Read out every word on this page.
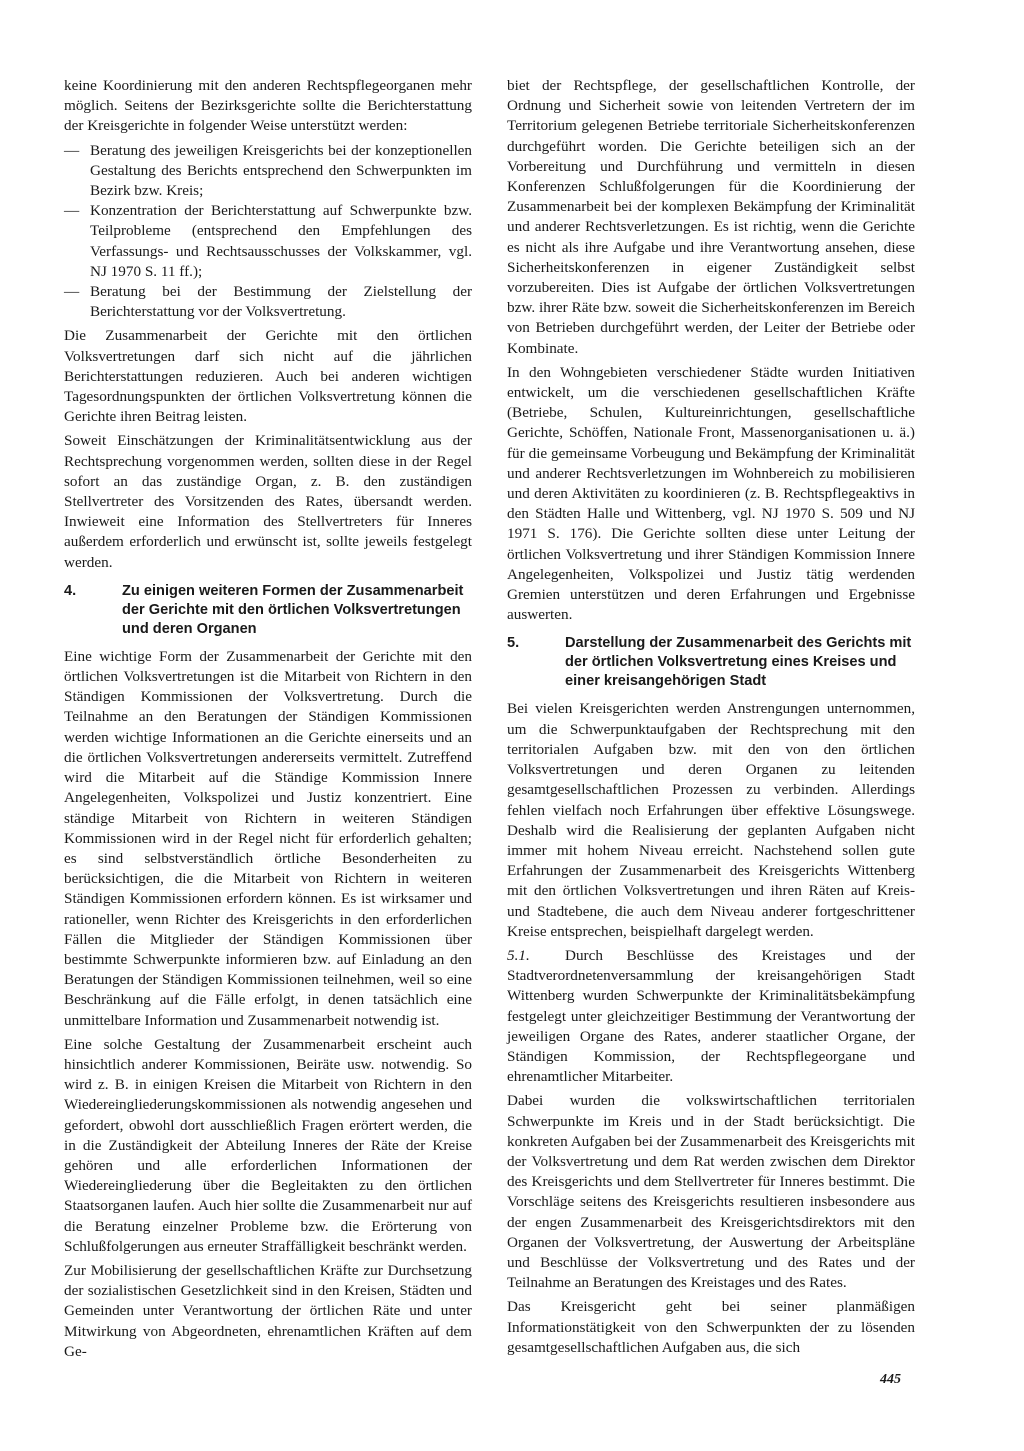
keine Koordinierung mit den anderen Rechtspflegeorganen mehr möglich. Seitens der Bezirksgerichte sollte die Berichterstattung der Kreisgerichte in folgender Weise unterstützt werden:

— Beratung des jeweiligen Kreisgerichts bei der konzeptionellen Gestaltung des Berichts entsprechend den Schwerpunkten im Bezirk bzw. Kreis;
— Konzentration der Berichterstattung auf Schwerpunkte bzw. Teilprobleme (entsprechend den Empfehlungen des Verfassungs- und Rechtsausschusses der Volkskammer, vgl. NJ 1970 S. 11 ff.);
— Beratung bei der Bestimmung der Zielstellung der Berichterstattung vor der Volksvertretung.

Die Zusammenarbeit der Gerichte mit den örtlichen Volksvertretungen darf sich nicht auf die jährlichen Berichterstattungen reduzieren. Auch bei anderen wichtigen Tagesordnungspunkten der örtlichen Volksvertretung können die Gerichte ihren Beitrag leisten.

Soweit Einschätzungen der Kriminalitätsentwicklung aus der Rechtsprechung vorgenommen werden, sollten diese in der Regel sofort an das zuständige Organ, z. B. den zuständigen Stellvertreter des Vorsitzenden des Rates, übersandt werden. Inwieweit eine Information des Stellvertreters für Inneres außerdem erforderlich und erwünscht ist, sollte jeweils festgelegt werden.

4.	Zu einigen weiteren Formen der Zusammenarbeit der Gerichte mit den örtlichen Volksvertretungen und deren Organen

Eine wichtige Form der Zusammenarbeit der Gerichte mit den örtlichen Volksvertretungen ist die Mitarbeit von Richtern in den Ständigen Kommissionen der Volksvertretung. Durch die Teilnahme an den Beratungen der Ständigen Kommissionen werden wichtige Informationen an die Gerichte einerseits und an die örtlichen Volksvertretungen andererseits vermittelt. Zutreffend wird die Mitarbeit auf die Ständige Kommission Innere Angelegenheiten, Volkspolizei und Justiz konzentriert. Eine ständige Mitarbeit von Richtern in weiteren Ständigen Kommissionen wird in der Regel nicht für erforderlich gehalten; es sind selbstverständlich örtliche Besonderheiten zu berücksichtigen, die die Mitarbeit von Richtern in weiteren Ständigen Kommissionen erfordern können. Es ist wirksamer und rationeller, wenn Richter des Kreisgerichts in den erforderlichen Fällen die Mitglieder der Ständigen Kommissionen über bestimmte Schwerpunkte informieren bzw. auf Einladung an den Beratungen der Ständigen Kommissionen teilnehmen, weil so eine Beschränkung auf die Fälle erfolgt, in denen tatsächlich eine unmittelbare Information und Zusammenarbeit notwendig ist.

Eine solche Gestaltung der Zusammenarbeit erscheint auch hinsichtlich anderer Kommissionen, Beiräte usw. notwendig. So wird z. B. in einigen Kreisen die Mitarbeit von Richtern in den Wiedereingliederungskommissionen als notwendig angesehen und gefordert, obwohl dort ausschließlich Fragen erörtert werden, die in die Zuständigkeit der Abteilung Inneres der Räte der Kreise gehören und alle erforderlichen Informationen der Wiedereingliederung über die Begleitakten zu den örtlichen Staatsorganen laufen. Auch hier sollte die Zusammenarbeit nur auf die Beratung einzelner Probleme bzw. die Erörterung von Schlußfolgerungen aus erneuter Straffälligkeit beschränkt werden.

Zur Mobilisierung der gesellschaftlichen Kräfte zur Durchsetzung der sozialistischen Gesetzlichkeit sind in den Kreisen, Städten und Gemeinden unter Verantwortung der örtlichen Räte und unter Mitwirkung von Abgeordneten, ehrenamtlichen Kräften auf dem Ge-

biet der Rechtspflege, der gesellschaftlichen Kontrolle, der Ordnung und Sicherheit sowie von leitenden Vertretern der im Territorium gelegenen Betriebe territoriale Sicherheitskonferenzen durchgeführt worden. Die Gerichte beteiligen sich an der Vorbereitung und Durchführung und vermitteln in diesen Konferenzen Schlußfolgerungen für die Koordinierung der Zusammenarbeit bei der komplexen Bekämpfung der Kriminalität und anderer Rechtsverletzungen. Es ist richtig, wenn die Gerichte es nicht als ihre Aufgabe und ihre Verantwortung ansehen, diese Sicherheitskonferenzen in eigener Zuständigkeit selbst vorzubereiten. Dies ist Aufgabe der örtlichen Volksvertretungen bzw. ihrer Räte bzw. soweit die Sicherheitskonferenzen im Bereich von Betrieben durchgeführt werden, der Leiter der Betriebe oder Kombinate.

In den Wohngebieten verschiedener Städte wurden Initiativen entwickelt, um die verschiedenen gesellschaftlichen Kräfte (Betriebe, Schulen, Kultureinrichtungen, gesellschaftliche Gerichte, Schöffen, Nationale Front, Massenorganisationen u. ä.) für die gemeinsame Vorbeugung und Bekämpfung der Kriminalität und anderer Rechtsverletzungen im Wohnbereich zu mobilisieren und deren Aktivitäten zu koordinieren (z. B. Rechtspflegeaktivs in den Städten Halle und Wittenberg, vgl. NJ 1970 S. 509 und NJ 1971 S. 176). Die Gerichte sollten diese unter Leitung der örtlichen Volksvertretung und ihrer Ständigen Kommission Innere Angelegenheiten, Volkspolizei und Justiz tätig werdenden Gremien unterstützen und deren Erfahrungen und Ergebnisse auswerten.

5.	Darstellung der Zusammenarbeit des Gerichts mit der örtlichen Volksvertretung eines Kreises und einer kreisangehörigen Stadt

Bei vielen Kreisgerichten werden Anstrengungen unternommen, um die Schwerpunktaufgaben der Rechtsprechung mit den territorialen Aufgaben bzw. mit den von den örtlichen Volksvertretungen und deren Organen zu leitenden gesamtgesellschaftlichen Prozessen zu verbinden. Allerdings fehlen vielfach noch Erfahrungen über effektive Lösungswege. Deshalb wird die Realisierung der geplanten Aufgaben nicht immer mit hohem Niveau erreicht. Nachstehend sollen gute Erfahrungen der Zusammenarbeit des Kreisgerichts Wittenberg mit den örtlichen Volksvertretungen und ihren Räten auf Kreis- und Stadtebene, die auch dem Niveau anderer fortgeschrittener Kreise entsprechen, beispielhaft dargelegt werden.

5.1. Durch Beschlüsse des Kreistages und der Stadtverordnetenversammlung der kreisangehörigen Stadt Wittenberg wurden Schwerpunkte der Kriminalitätsbekämpfung festgelegt unter gleichzeitiger Bestimmung der Verantwortung der jeweiligen Organe des Rates, anderer staatlicher Organe, der Ständigen Kommission, der Rechtspflegeorgane und ehrenamtlicher Mitarbeiter.

Dabei wurden die volkswirtschaftlichen territorialen Schwerpunkte im Kreis und in der Stadt berücksichtigt. Die konkreten Aufgaben bei der Zusammenarbeit des Kreisgerichts mit der Volksvertretung und dem Rat werden zwischen dem Direktor des Kreisgerichts und dem Stellvertreter für Inneres bestimmt. Die Vorschläge seitens des Kreisgerichts resultieren insbesondere aus der engen Zusammenarbeit des Kreisgerichtsdirektors mit den Organen der Volksvertretung, der Auswertung der Arbeitspläne und Beschlüsse der Volksvertretung und des Rates und der Teilnahme an Beratungen des Kreistages und des Rates.

Das Kreisgericht geht bei seiner planmäßigen Informationstätigkeit von den Schwerpunkten der zu lösenden gesamtgesellschaftlichen Aufgaben aus, die sich

445
